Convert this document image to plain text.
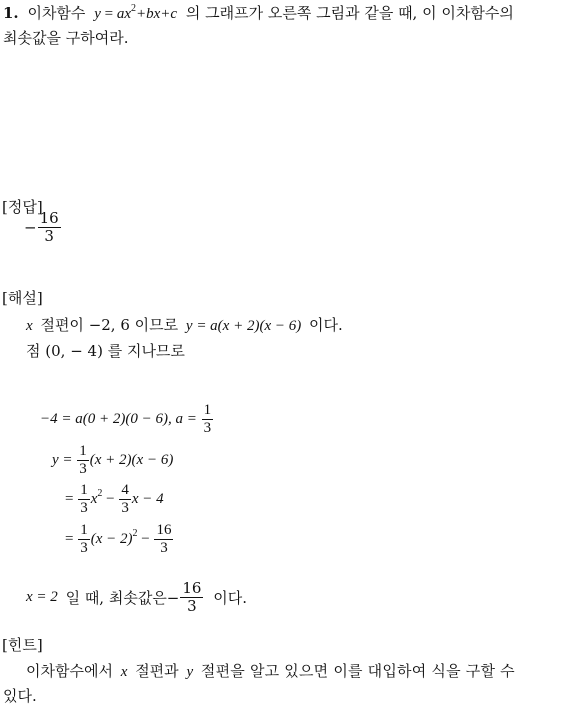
1. 이차함수 $y = ax^2+bx+c$ 의 그래프가 오른쪽 그림과 같을 때, 이 이차함수의
최솟값을 구하여라.
[정답]
− $\frac{16}{3}$
[해설]
x 절편이 −2, 6 이므로 y = a(x + 2)(x − 6) 이다.
점 (0, − 4) 를 지나므로
−4 = a(0 + 2)(0 − 6), $a = \frac{1}{3}$
$y = \frac{1}{3} (x + 2)(x - 6)$
= $\frac{1}{3} x^2 - \frac{4}{3}$ x − 4
= $\frac{1}{3} (x - 2)^2 - \frac{16}{3}$
x = 2 일 때, 최솟값은− $\frac{16}{3}$ 이다.
[힌트]
이차함수에서 x 절편과 y 절편을 알고 있으면 이를 대입하여 식을 구할 수
있다.
